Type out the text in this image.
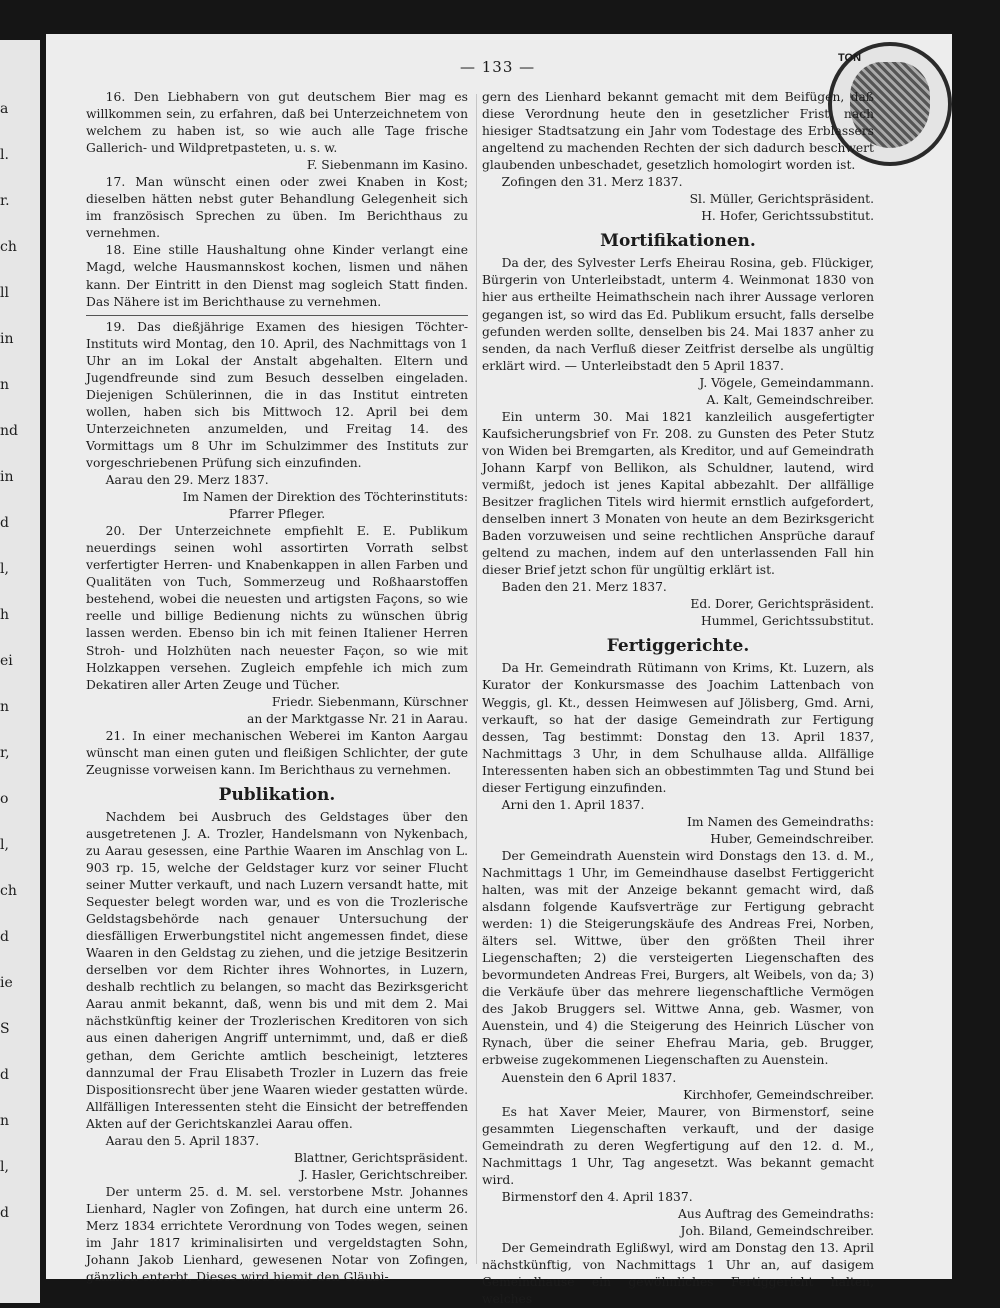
a
l.
r.
ch
ll
in
n
nd
in
d
l,
h
ei
n
r,
o
l,
ch
d
ie
S
d
n
l,
d
— 133 —	TON

16. Den Liebhabern von gut deutschem Bier mag es willkommen sein, zu erfahren, daß bei Unterzeichnetem von welchem zu haben ist, so wie auch alle Tage frische Gallerich- und Wildpretpasteten, u. s. w.

F. Siebenmann im Kasino.

17. Man wünscht einen oder zwei Knaben in Kost; dieselben hätten nebst guter Behandlung Gelegenheit sich im französisch Sprechen zu üben. Im Berichthaus zu vernehmen.

18. Eine stille Haushaltung ohne Kinder verlangt eine Magd, welche Hausmannskost kochen, lismen und nähen kann. Der Eintritt in den Dienst mag sogleich Statt finden. Das Nähere ist im Berichthause zu vernehmen.

19. Das dießjährige Examen des hiesigen Töchter-Instituts wird Montag, den 10. April, des Nachmittags von 1 Uhr an im Lokal der Anstalt abgehalten. Eltern und Jugendfreunde sind zum Besuch desselben eingeladen. Diejenigen Schülerinnen, die in das Institut eintreten wollen, haben sich bis Mittwoch 12. April bei dem Unterzeichneten anzumelden, und Freitag 14. des Vormittags um 8 Uhr im Schulzimmer des Instituts zur vorgeschriebenen Prüfung sich einzufinden.

Aarau den 29. Merz 1837.

Im Namen der Direktion des Töchterinstituts:

Pfarrer Pfleger.

20. Der Unterzeichnete empfiehlt E. E. Publikum neuerdings seinen wohl assortirten Vorrath selbst verfertigter Herren- und Knabenkappen in allen Farben und Qualitäten von Tuch, Sommerzeug und Roßhaarstoffen bestehend, wobei die neuesten und artigsten Façons, so wie reelle und billige Bedienung nichts zu wünschen übrig lassen werden. Ebenso bin ich mit feinen Italiener Herren Stroh- und Holzhüten nach neuester Façon, so wie mit Holzkappen versehen. Zugleich empfehle ich mich zum Dekatiren aller Arten Zeuge und Tücher.

Friedr. Siebenmann, Kürschner

an der Marktgasse Nr. 21 in Aarau.

21. In einer mechanischen Weberei im Kanton Aargau wünscht man einen guten und fleißigen Schlichter, der gute Zeugnisse vorweisen kann. Im Berichthaus zu vernehmen.

Publikation.

Nachdem bei Ausbruch des Geldstages über den ausgetretenen J. A. Trozler, Handelsmann von Nykenbach, zu Aarau gesessen, eine Parthie Waaren im Anschlag von L. 903 rp. 15, welche der Geldstager kurz vor seiner Flucht seiner Mutter verkauft, und nach Luzern versandt hatte, mit Sequester belegt worden war, und es von die Trozlerische Geldstagsbehörde nach genauer Untersuchung der diesfälligen Erwerbungstitel nicht angemessen findet, diese Waaren in den Geldstag zu ziehen, und die jetzige Besitzerin derselben vor dem Richter ihres Wohnortes, in Luzern, deshalb rechtlich zu belangen, so macht das Bezirksgericht Aarau anmit bekannt, daß, wenn bis und mit dem 2. Mai nächstkünftig keiner der Trozlerischen Kreditoren von sich aus einen daherigen Angriff unternimmt, und, daß er dieß gethan, dem Gerichte amtlich bescheinigt, letzteres dannzumal der Frau Elisabeth Trozler in Luzern das freie Dispositionsrecht über jene Waaren wieder gestatten würde. Allfälligen Interessenten steht die Einsicht der betreffenden Akten auf der Gerichtskanzlei Aarau offen.

Aarau den 5. April 1837.

Blattner, Gerichtspräsident.

J. Hasler, Gerichtschreiber.

Der unterm 25. d. M. sel. verstorbene Mstr. Johannes Lienhard, Nagler von Zofingen, hat durch eine unterm 26. Merz 1834 errichtete Verordnung von Todes wegen, seinen im Jahr 1817 kriminalisirten und vergeldstagten Sohn, Johann Jakob Lienhard, gewesenen Notar von Zofingen, gänzlich enterbt. Dieses wird hiemit den Gläubi-

gern des Lienhard bekannt gemacht mit dem Beifügen, daß diese Verordnung heute den in gesetzlicher Frist, nach hiesiger Stadtsatzung ein Jahr vom Todestage des Erblassers angeltend zu machenden Rechten der sich dadurch beschwert glaubenden unbeschadet, gesetzlich homologirt worden ist.

Zofingen den 31. Merz 1837.

Sl. Müller, Gerichtspräsident.

H. Hofer, Gerichtssubstitut.

Mortifikationen.

Da der, des Sylvester Lerfs Eheirau Rosina, geb. Flückiger, Bürgerin von Unterleibstadt, unterm 4. Weinmonat 1830 von hier aus ertheilte Heimathschein nach ihrer Aussage verloren gegangen ist, so wird das Ed. Publikum ersucht, falls derselbe gefunden werden sollte, denselben bis 24. Mai 1837 anher zu senden, da nach Verfluß dieser Zeitfrist derselbe als ungültig erklärt wird. — Unterleibstadt den 5 April 1837.

J. Vögele, Gemeindammann.

A. Kalt, Gemeindschreiber.

Ein unterm 30. Mai 1821 kanzleilich ausgefertigter Kaufsicherungsbrief von Fr. 208. zu Gunsten des Peter Stutz von Widen bei Bremgarten, als Kreditor, und auf Gemeindrath Johann Karpf von Bellikon, als Schuldner, lautend, wird vermißt, jedoch ist jenes Kapital abbezahlt. Der allfällige Besitzer fraglichen Titels wird hiermit ernstlich aufgefordert, denselben innert 3 Monaten von heute an dem Bezirksgericht Baden vorzuweisen und seine rechtlichen Ansprüche darauf geltend zu machen, indem auf den unterlassenden Fall hin dieser Brief jetzt schon für ungültig erklärt ist.

Baden den 21. Merz 1837.

Ed. Dorer, Gerichtspräsident.

Hummel, Gerichtssubstitut.

Fertiggerichte.

Da Hr. Gemeindrath Rütimann von Krims, Kt. Luzern, als Kurator der Konkursmasse des Joachim Lattenbach von Weggis, gl. Kt., dessen Heimwesen auf Jölisberg, Gmd. Arni, verkauft, so hat der dasige Gemeindrath zur Fertigung dessen, Tag bestimmt: Donstag den 13. April 1837, Nachmittags 3 Uhr, in dem Schulhause allda. Allfällige Interessenten haben sich an obbestimmten Tag und Stund bei dieser Fertigung einzufinden.

Arni den 1. April 1837.

Im Namen des Gemeindraths:

Huber, Gemeindschreiber.

Der Gemeindrath Auenstein wird Donstags den 13. d. M., Nachmittags 1 Uhr, im Gemeindhause daselbst Fertiggericht halten, was mit der Anzeige bekannt gemacht wird, daß alsdann folgende Kaufsverträge zur Fertigung gebracht werden: 1) die Steigerungskäufe des Andreas Frei, Norben, älters sel. Wittwe, über den größten Theil ihrer Liegenschaften; 2) die versteigerten Liegenschaften des bevormundeten Andreas Frei, Burgers, alt Weibels, von da; 3) die Verkäufe über das mehrere liegenschaftliche Vermögen des Jakob Bruggers sel. Wittwe Anna, geb. Wasmer, von Auenstein, und 4) die Steigerung des Heinrich Lüscher von Rynach, über die seiner Ehefrau Maria, geb. Brugger, erbweise zugekommenen Liegenschaften zu Auenstein.

Auenstein den 6 April 1837.

Kirchhofer, Gemeindschreiber.

Es hat Xaver Meier, Maurer, von Birmenstorf, seine gesammten Liegenschaften verkauft, und der dasige Gemeindrath zu deren Wegfertigung auf den 12. d. M., Nachmittags 1 Uhr, Tag angesetzt. Was bekannt gemacht wird.

Birmenstorf den 4. April 1837.

Aus Auftrag des Gemeindraths:

Joh. Biland, Gemeindschreiber.

Der Gemeindrath Eglißwyl, wird am Donstag den 13. April nächstkünftig, von Nachmittags 1 Uhr an, auf dasigem Gemeindhause ein gewöhnliches Fertiggericht halten, welches
